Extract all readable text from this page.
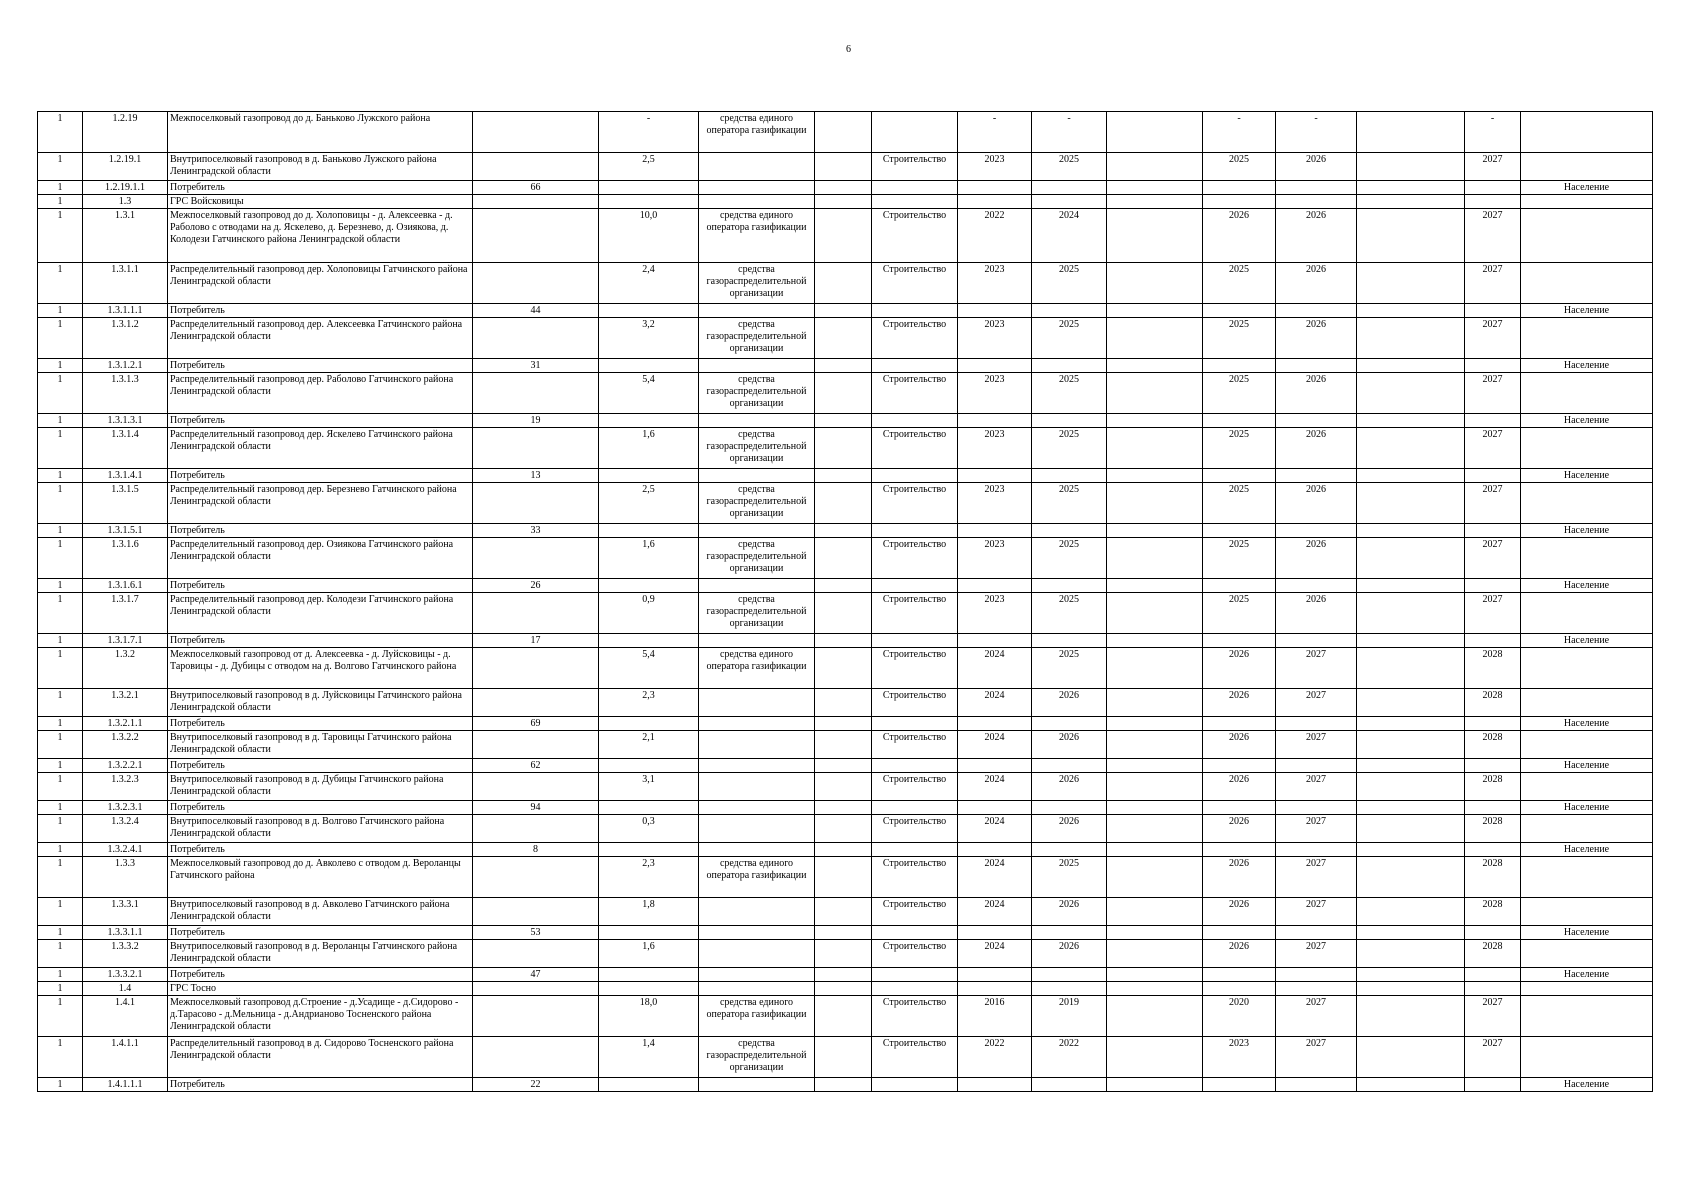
6
1	1.2.19	Межпоселковый газопровод до д. Баньково Лужского района		-	средства единого оператора газификации			-	-		-	-		-	
1	1.2.19.1	Внутрипоселковый газопровод в д. Баньково Лужского района Ленинградской области		2,5			Строительство	2023	2025		2025	2026		2027	
1	1.2.19.1.1	Потребитель	66												Население
1	1.3	ГРС Войсковицы													
1	1.3.1	Межпоселковый газопровод до д. Холоповицы - д. Алексеевка - д. Раболово с отводами на д. Яскелево, д. Березнево, д. Озиякова, д. Колодези Гатчинского района Ленинградской области		10,0	средства единого оператора газификации		Строительство	2022	2024		2026	2026		2027	
1	1.3.1.1	Распределительный газопровод дер. Холоповицы Гатчинского района Ленинградской области		2,4	средства газораспределительной организации		Строительство	2023	2025		2025	2026		2027	
1	1.3.1.1.1	Потребитель	44												Население
1	1.3.1.2	Распределительный газопровод дер. Алексеевка Гатчинского района Ленинградской области		3,2	средства газораспределительной организации		Строительство	2023	2025		2025	2026		2027	
1	1.3.1.2.1	Потребитель	31												Население
1	1.3.1.3	Распределительный газопровод дер. Раболово Гатчинского района Ленинградской области		5,4	средства газораспределительной организации		Строительство	2023	2025		2025	2026		2027	
1	1.3.1.3.1	Потребитель	19												Население
1	1.3.1.4	Распределительный газопровод дер. Яскелево Гатчинского района Ленинградской области		1,6	средства газораспределительной организации		Строительство	2023	2025		2025	2026		2027	
1	1.3.1.4.1	Потребитель	13												Население
1	1.3.1.5	Распределительный газопровод дер. Березнево Гатчинского района Ленинградской области		2,5	средства газораспределительной организации		Строительство	2023	2025		2025	2026		2027	
1	1.3.1.5.1	Потребитель	33												Население
1	1.3.1.6	Распределительный газопровод дер. Озиякова Гатчинского района Ленинградской области		1,6	средства газораспределительной организации		Строительство	2023	2025		2025	2026		2027	
1	1.3.1.6.1	Потребитель	26												Население
1	1.3.1.7	Распределительный газопровод дер. Колодези Гатчинского района Ленинградской области		0,9	средства газораспределительной организации		Строительство	2023	2025		2025	2026		2027	
1	1.3.1.7.1	Потребитель	17												Население
1	1.3.2	Межпоселковый газопровод от д. Алексеевка - д. Луйсковицы - д. Таровицы - д. Дубицы с отводом на д. Волгово Гатчинского района		5,4	средства единого оператора газификации		Строительство	2024	2025		2026	2027		2028	
1	1.3.2.1	Внутрипоселковый газопровод в д. Луйсковицы Гатчинского района Ленинградской области		2,3			Строительство	2024	2026		2026	2027		2028	
1	1.3.2.1.1	Потребитель	69												Население
1	1.3.2.2	Внутрипоселковый газопровод в д. Таровицы Гатчинского района Ленинградской области		2,1			Строительство	2024	2026		2026	2027		2028	
1	1.3.2.2.1	Потребитель	62												Население
1	1.3.2.3	Внутрипоселковый газопровод в д. Дубицы Гатчинского района Ленинградской области		3,1			Строительство	2024	2026		2026	2027		2028	
1	1.3.2.3.1	Потребитель	94												Население
1	1.3.2.4	Внутрипоселковый газопровод в д. Волгово Гатчинского района Ленинградской области		0,3			Строительство	2024	2026		2026	2027		2028	
1	1.3.2.4.1	Потребитель	8												Население
1	1.3.3	Межпоселковый газопровод до д. Авколево с отводом д. Вероланцы Гатчинского района		2,3	средства единого оператора газификации		Строительство	2024	2025		2026	2027		2028	
1	1.3.3.1	Внутрипоселковый газопровод в д. Авколево Гатчинского района Ленинградской области		1,8			Строительство	2024	2026		2026	2027		2028	
1	1.3.3.1.1	Потребитель	53												Население
1	1.3.3.2	Внутрипоселковый газопровод в д. Вероланцы Гатчинского района Ленинградской области		1,6			Строительство	2024	2026		2026	2027		2028	
1	1.3.3.2.1	Потребитель	47												Население
1	1.4	ГРС Тосно													
1	1.4.1	Межпоселковый газопровод д.Строение - д.Усадище - д.Сидорово - д.Тарасово - д.Мельница - д.Андрианово Тосненского района Ленинградской области		18,0	средства единого оператора газификации		Строительство	2016	2019		2020	2027		2027	
1	1.4.1.1	Распределительный газопровод в д. Сидорово Тосненского района Ленинградской области		1,4	средства газораспределительной организации		Строительство	2022	2022		2023	2027		2027	
1	1.4.1.1.1	Потребитель	22												Население
